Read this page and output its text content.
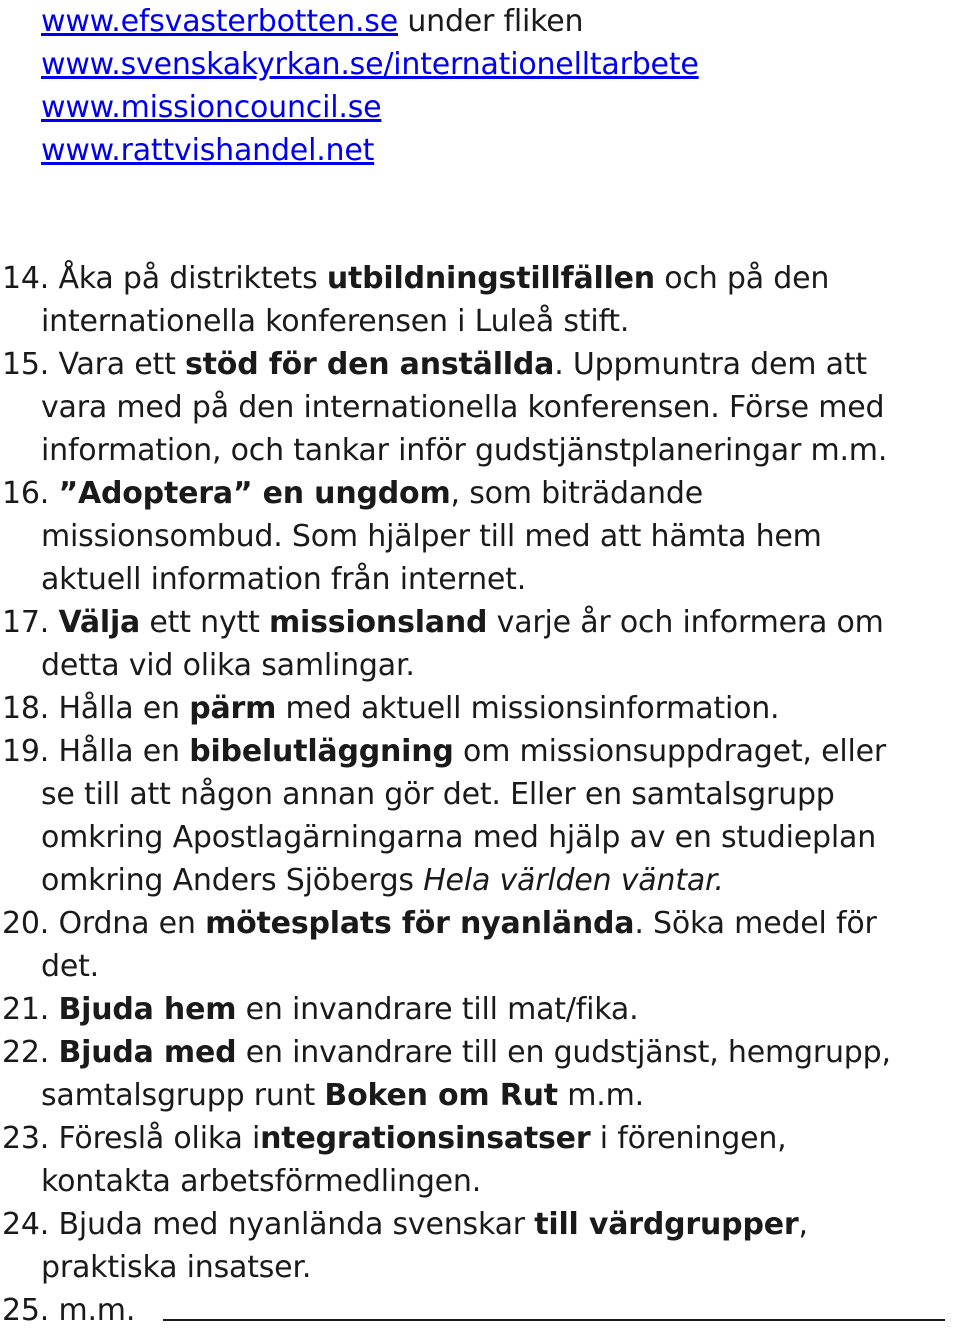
www.efsvasterbotten.se under fliken
www.svenskakyrkan.se/internationelltarbete
www.missioncouncil.se
www.rattvishandel.net
14. Åka på distriktets utbildningstillfällen och på den
internationella konferensen i Luleå stift.
15. Vara ett stöd för den anställda. Uppmuntra dem att
vara med på den internationella konferensen. Förse med
information, och tankar inför gudstjänstplaneringar m.m.
16. ”Adoptera” en ungdom, som biträdande
missionsombud. Som hjälper till med att hämta hem
aktuell information från internet.
17. Välja ett nytt missionsland varje år och informera om
detta vid olika samlingar.
18. Hålla en pärm med aktuell missionsinformation.
19. Hålla en bibelutläggning om missionsuppdraget, eller
se till att någon annan gör det. Eller en samtalsgrupp
omkring Apostlagärningarna med hjälp av en studieplan
omkring Anders Sjöbergs Hela världen väntar.
20. Ordna en mötesplats för nyanlända. Söka medel för
det.
21. Bjuda hem en invandrare till mat/fika.
22. Bjuda med en invandrare till en gudstjänst, hemgrupp,
samtalsgrupp runt Boken om Rut m.m.
23. Föreslå olika integrationsinsatser i föreningen,
kontakta arbetsförmedlingen.
24. Bjuda med nyanlända svenskar till värdgrupper,
praktiska insatser.
25. m.m.
